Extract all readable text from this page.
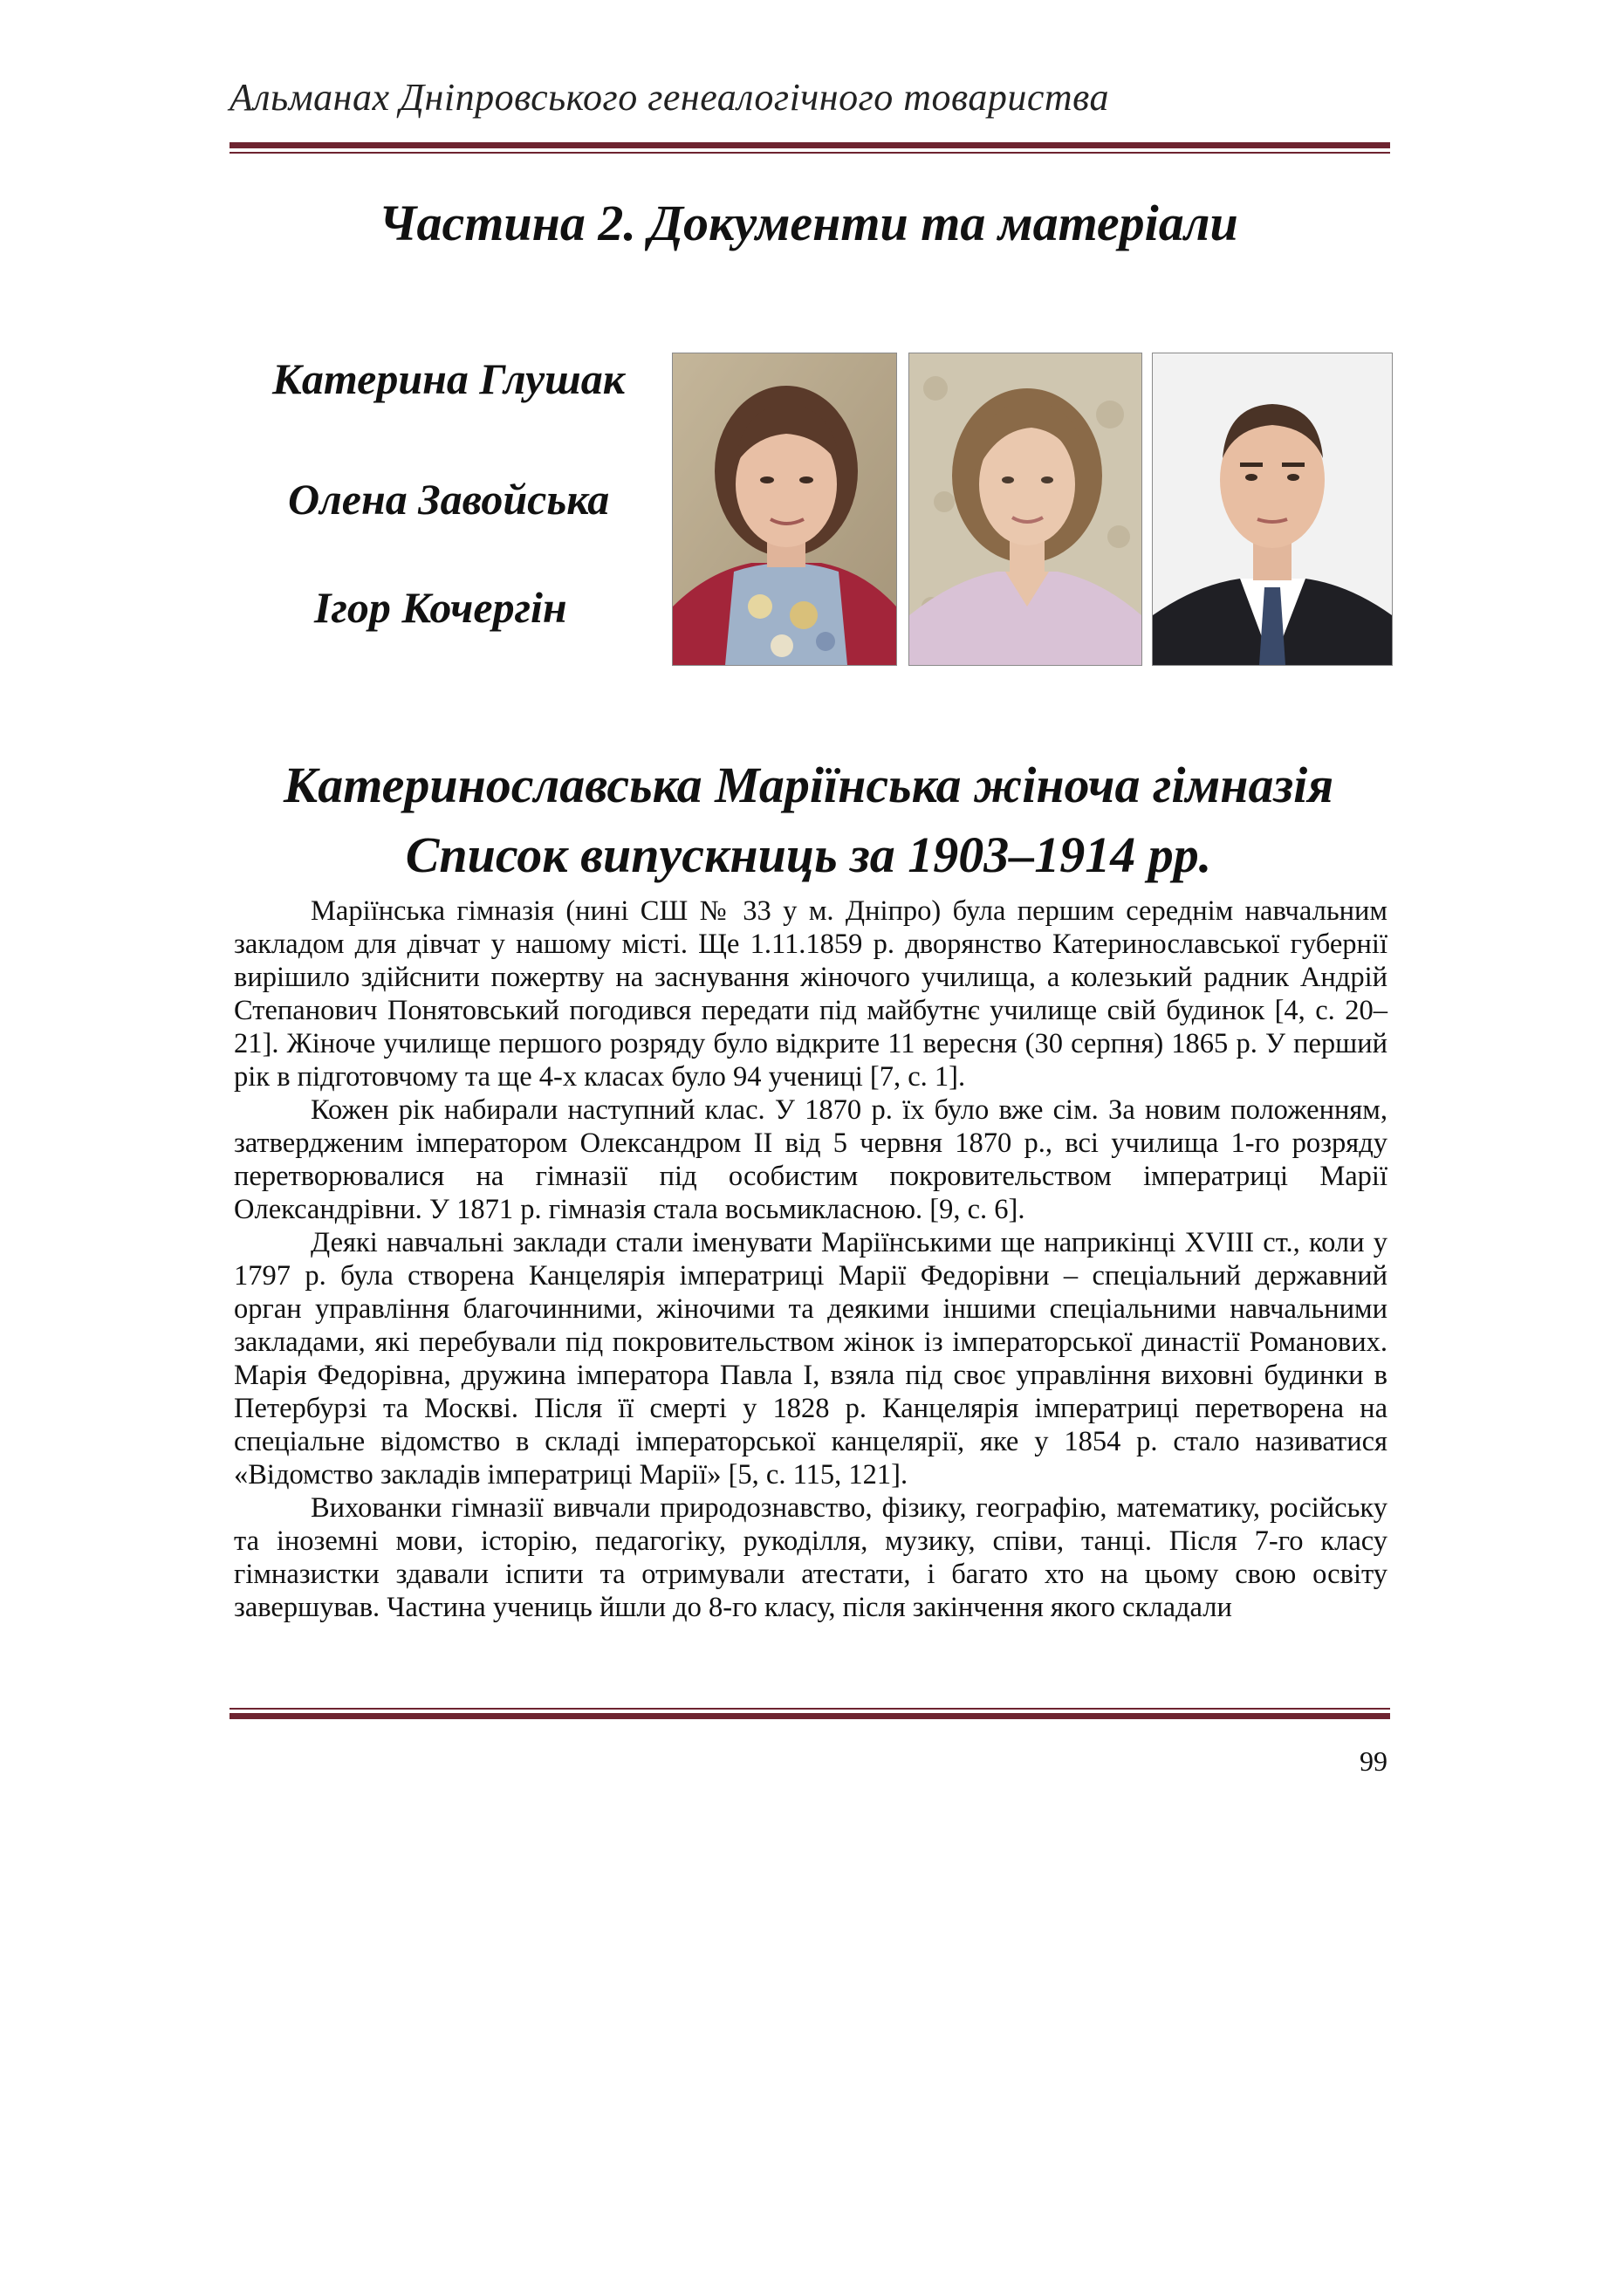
Альманах Дніпровського генеалогічного товариства
Частина 2. Документи та матеріали
Катерина Глушак
Олена Завойська
Ігор Кочергін
Катеринославська Маріїнська жіноча гімназія
Список випускниць за 1903–1914 рр.

Маріїнська гімназія (нині СШ № 33 у м. Дніпро) була першим середнім навчальним закладом для дівчат у нашому місті. Ще 1.11.1859 р. дворянство Катеринославської губернії вирішило здійснити пожертву на заснування жіночого училища, а колезький радник Андрій Степанович Понятовський погодився передати під майбутнє училище свій будинок [4, с. 20–21]. Жіноче училище першого розряду було відкрите 11 вересня (30 серпня) 1865 р. У перший рік в підготовчому та ще 4-х класах було 94 учениці [7, с. 1].

Кожен рік набирали наступний клас. У 1870 р. їх було вже сім. За новим положенням, затвердженим імператором Олександром II від 5 червня 1870 р., всі училища 1-го розряду перетворювалися на гімназії під особистим покровительством імператриці Марії Олександрівни. У 1871 р. гімназія стала восьмикласною. [9, с. 6].

Деякі навчальні заклади стали іменувати Маріїнськими ще наприкінці XVIII ст., коли у 1797 р. була створена Канцелярія імператриці Марії Федорівни – спеціальний державний орган управління благочинними, жіночими та деякими іншими спеціальними навчальними закладами, які перебували під покровительством жінок із імператорської династії Романових. Марія Федорівна, дружина імператора Павла I, взяла під своє управління виховні будинки в Петербурзі та Москві. Після її смерті у 1828 р. Канцелярія імператриці перетворена на спеціальне відомство в складі імператорської канцелярії, яке у 1854 р. стало називатися «Відомство закладів імператриці Марії» [5, с. 115, 121].

Вихованки гімназії вивчали природознавство, фізику, географію, математику, російську та іноземні мови, історію, педагогіку, рукоділля, музику, співи, танці. Після 7-го класу гімназистки здавали іспити та отримували атестати, і багато хто на цьому свою освіту завершував. Частина учениць йшли до 8-го класу, після закінчення якого складали

99
